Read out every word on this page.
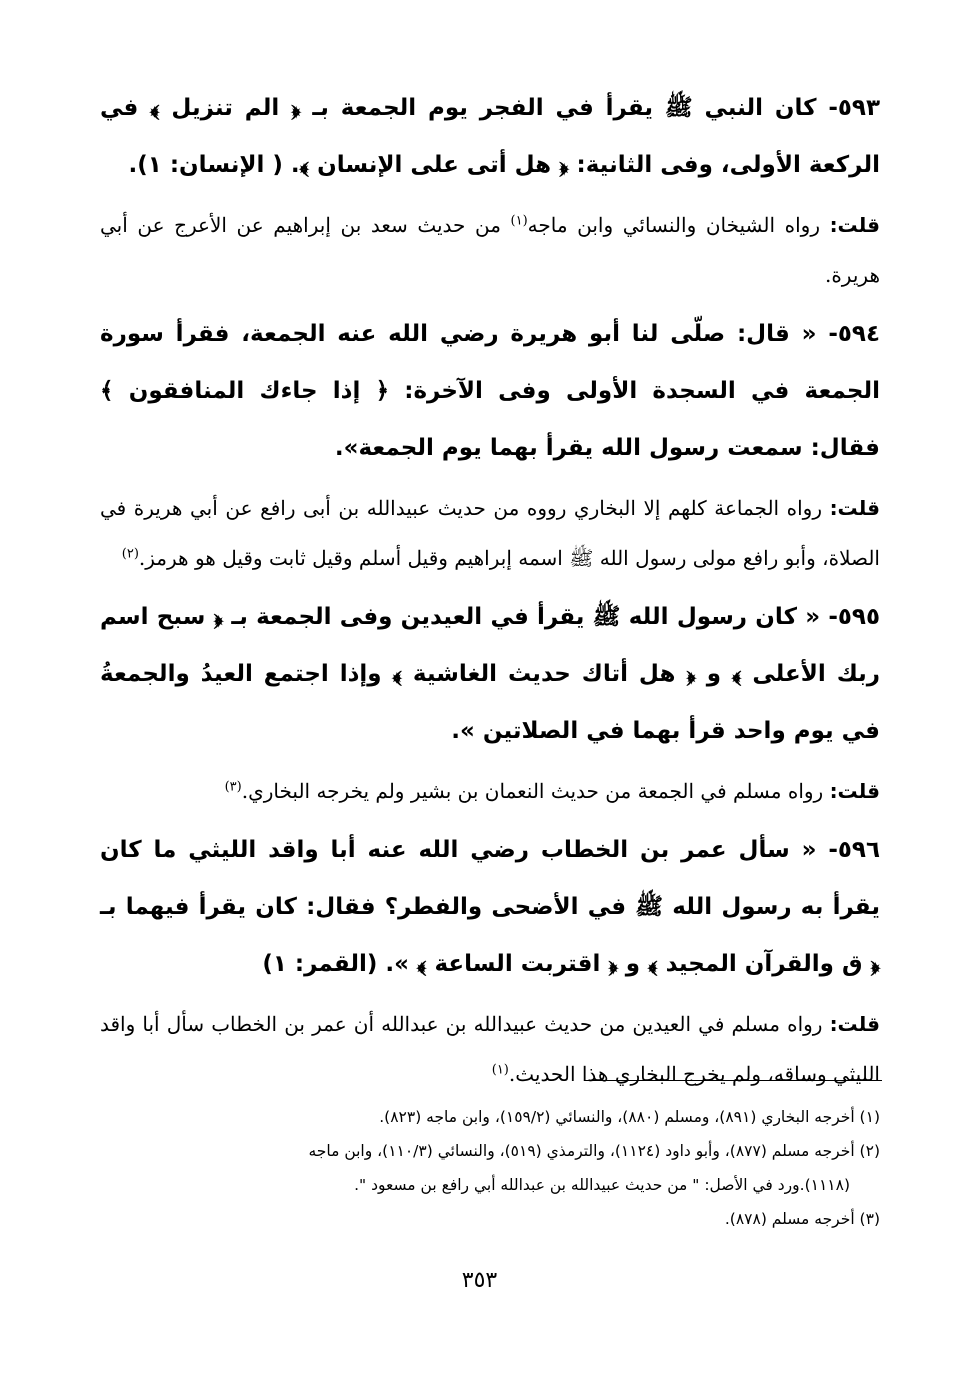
٥٩٣- كان النبي ﷺ يقرأ في الفجر يوم الجمعة بـ ﴿ الم تنزيل ﴾ في الركعة الأولى، وفى الثانية: ﴿ هل أتى على الإنسان ﴾. ( الإنسان: ١).

قلت: رواه الشيخان والنسائي وابن ماجه$^{(١)}$ من حديث سعد بن إبراهيم عن الأعرج عن أبي هريرة.

٥٩٤- « قال: صلّى لنا أبو هريرة رضي الله عنه الجمعة، فقرأ سورة الجمعة في السجدة الأولى وفى الآخرة: ﴿ إذا جاءك المنافقون ﴾ فقال: سمعت رسول الله يقرأ بهما يوم الجمعة».

قلت: رواه الجماعة كلهم إلا البخاري رووه من حديث عبيدالله بن أبى رافع عن أبي هريرة في الصلاة، وأبو رافع مولى رسول الله ﷺ اسمه إبراهيم وقيل أسلم وقيل ثابت وقيل هو هرمز.$^{(٢)}$

٥٩٥- « كان رسول الله ﷺ يقرأ في العيدين وفى الجمعة بـ ﴿ سبح اسم ربك الأعلى ﴾ و ﴿ هل أتاك حديث الغاشية ﴾ وإذا اجتمع العيدُ والجمعةُ في يوم واحد قرأ بهما في الصلاتين ».

قلت: رواه مسلم في الجمعة من حديث النعمان بن بشير ولم يخرجه البخاري.$^{(٣)}$

٥٩٦- « سأل عمر بن الخطاب رضي الله عنه أبا واقد الليثي ما كان يقرأ به رسول الله ﷺ في الأضحى والفطر؟ فقال: كان يقرأ فيهما بـ ﴿ ق والقرآن المجيد ﴾ و ﴿ اقتربت الساعة ﴾ ». (القمر: ١)

قلت: رواه مسلم في العيدين من حديث عبيدالله بن عبدالله أن عمر بن الخطاب سأل أبا واقد الليثي وساقه، ولم يخرج البخاري هذا الحديث.$^{(١)}$

(١) أخرجه البخاري (٨٩١)، ومسلم (٨٨٠)، والنسائي (١٥٩/٢)، وابن ماجه (٨٢٣).

(٢) أخرجه مسلم (٨٧٧)، وأبو داود (١١٢٤)، والترمذي (٥١٩)، والنسائي (١١٠/٣)، وابن ماجه

(١١١٨).ورد في الأصل: " من حديث عبيدالله بن عبدالله أبي رافع بن مسعود ".

(٣) أخرجه مسلم (٨٧٨).

٣٥٣
